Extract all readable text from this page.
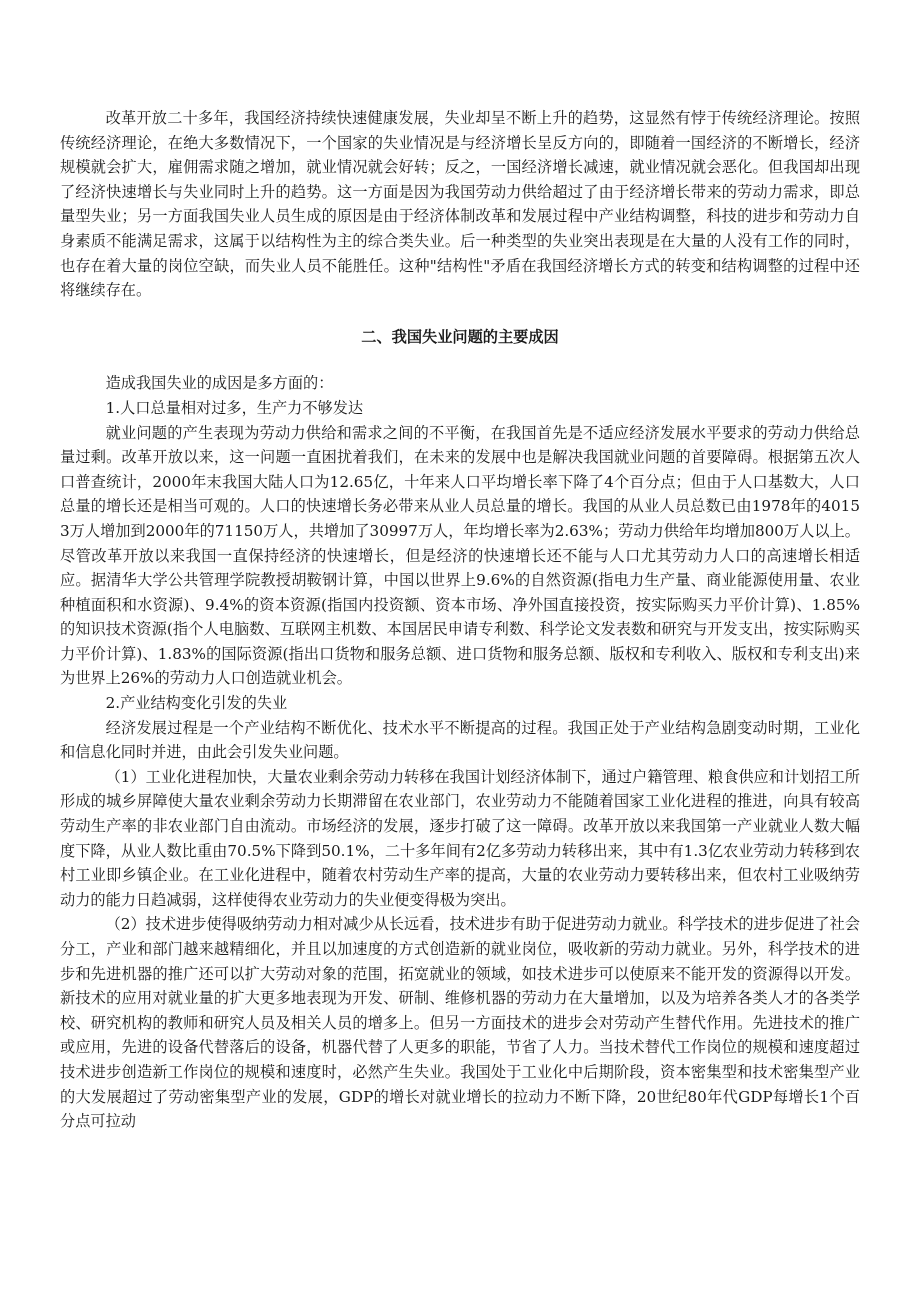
改革开放二十多年，我国经济持续快速健康发展，失业却呈不断上升的趋势，这显然有悖于传统经济理论。按照传统经济理论，在绝大多数情况下，一个国家的失业情况是与经济增长呈反方向的，即随着一国经济的不断增长，经济规模就会扩大，雇佣需求随之增加，就业情况就会好转；反之，一国经济增长减速，就业情况就会恶化。但我国却出现了经济快速增长与失业同时上升的趋势。这一方面是因为我国劳动力供给超过了由于经济增长带来的劳动力需求，即总量型失业；另一方面我国失业人员生成的原因是由于经济体制改革和发展过程中产业结构调整，科技的进步和劳动力自身素质不能满足需求，这属于以结构性为主的综合类失业。后一种类型的失业突出表现是在大量的人没有工作的同时，也存在着大量的岗位空缺，而失业人员不能胜任。这种"结构性"矛盾在我国经济增长方式的转变和结构调整的过程中还将继续存在。

二、我国失业问题的主要成因

造成我国失业的成因是多方面的：

1.人口总量相对过多，生产力不够发达

就业问题的产生表现为劳动力供给和需求之间的不平衡，在我国首先是不适应经济发展水平要求的劳动力供给总量过剩。改革开放以来，这一问题一直困扰着我们，在未来的发展中也是解决我国就业问题的首要障碍。根据第五次人口普查统计，2000年末我国大陆人口为12.65亿，十年来人口平均增长率下降了4个百分点；但由于人口基数大，人口总量的增长还是相当可观的。人口的快速增长务必带来从业人员总量的增长。我国的从业人员总数已由1978年的40153万人增加到2000年的71150万人，共增加了30997万人，年均增长率为2.63%；劳动力供给年均增加800万人以上。尽管改革开放以来我国一直保持经济的快速增长，但是经济的快速增长还不能与人口尤其劳动力人口的高速增长相适应。据清华大学公共管理学院教授胡鞍钢计算，中国以世界上9.6%的自然资源(指电力生产量、商业能源使用量、农业种植面积和水资源)、9.4%的资本资源(指国内投资额、资本市场、净外国直接投资，按实际购买力平价计算)、1.85%的知识技术资源(指个人电脑数、互联网主机数、本国居民申请专利数、科学论文发表数和研究与开发支出，按实际购买力平价计算)、1.83%的国际资源(指出口货物和服务总额、进口货物和服务总额、版权和专利收入、版权和专利支出)来为世界上26%的劳动力人口创造就业机会。

2.产业结构变化引发的失业

经济发展过程是一个产业结构不断优化、技术水平不断提高的过程。我国正处于产业结构急剧变动时期，工业化和信息化同时并进，由此会引发失业问题。

（1）工业化进程加快，大量农业剩余劳动力转移在我国计划经济体制下，通过户籍管理、粮食供应和计划招工所形成的城乡屏障使大量农业剩余劳动力长期滞留在农业部门，农业劳动力不能随着国家工业化进程的推进，向具有较高劳动生产率的非农业部门自由流动。市场经济的发展，逐步打破了这一障碍。改革开放以来我国第一产业就业人数大幅度下降，从业人数比重由70.5%下降到50.1%，二十多年间有2亿多劳动力转移出来，其中有1.3亿农业劳动力转移到农村工业即乡镇企业。在工业化进程中，随着农村劳动生产率的提高，大量的农业劳动力要转移出来，但农村工业吸纳劳动力的能力日趋减弱，这样使得农业劳动力的失业便变得极为突出。

（2）技术进步使得吸纳劳动力相对减少从长远看，技术进步有助于促进劳动力就业。科学技术的进步促进了社会分工，产业和部门越来越精细化，并且以加速度的方式创造新的就业岗位，吸收新的劳动力就业。另外，科学技术的进步和先进机器的推广还可以扩大劳动对象的范围，拓宽就业的领域，如技术进步可以使原来不能开发的资源得以开发。新技术的应用对就业量的扩大更多地表现为开发、研制、维修机器的劳动力在大量增加，以及为培养各类人才的各类学校、研究机构的教师和研究人员及相关人员的增多上。但另一方面技术的进步会对劳动产生替代作用。先进技术的推广或应用，先进的设备代替落后的设备，机器代替了人更多的职能，节省了人力。当技术替代工作岗位的规模和速度超过技术进步创造新工作岗位的规模和速度时，必然产生失业。我国处于工业化中后期阶段，资本密集型和技术密集型产业的大发展超过了劳动密集型产业的发展，GDP的增长对就业增长的拉动力不断下降，20世纪80年代GDP每增长1个百分点可拉动
